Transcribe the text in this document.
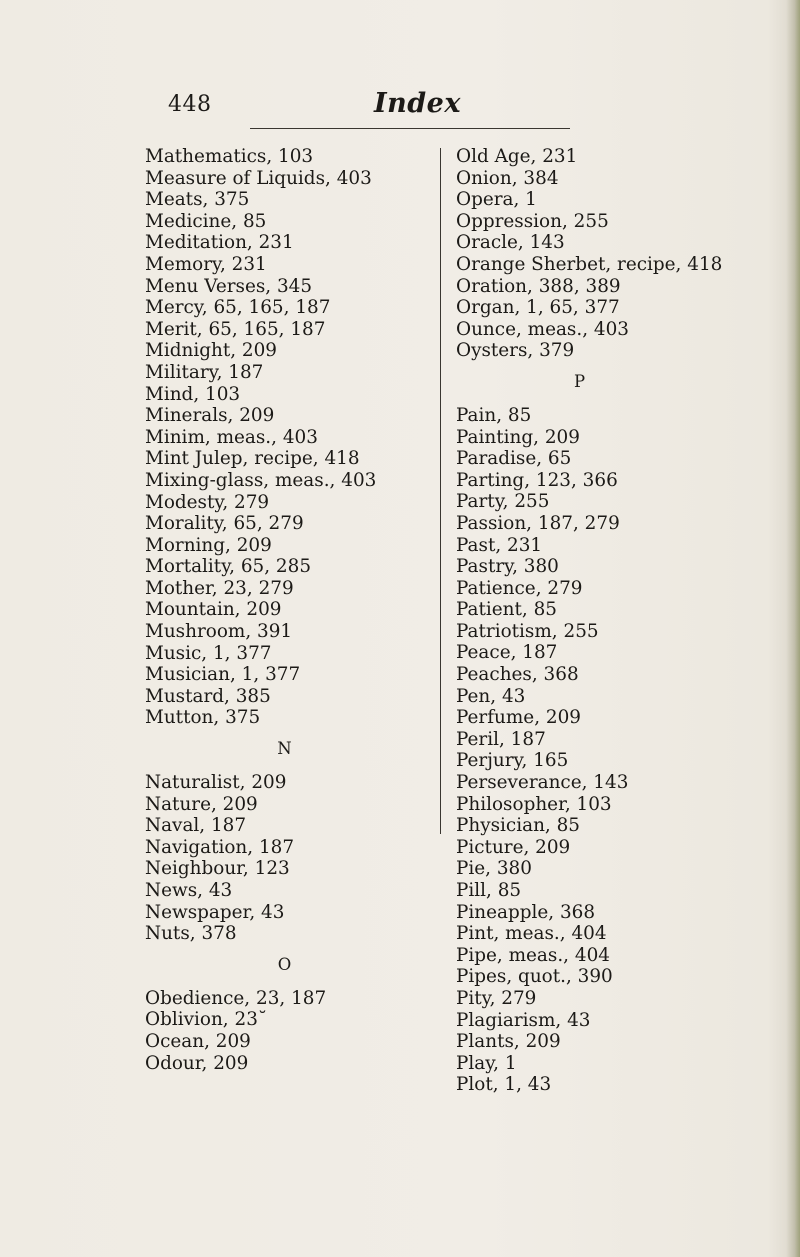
448	Index
Mathematics, 103
Measure of Liquids, 403
Meats, 375
Medicine, 85
Meditation, 231
Memory, 231
Menu Verses, 345
Mercy, 65, 165, 187
Merit, 65, 165, 187
Midnight, 209
Military, 187
Mind, 103
Minerals, 209
Minim, meas., 403
Mint Julep, recipe, 418
Mixing-glass, meas., 403
Modesty, 279
Morality, 65, 279
Morning, 209
Mortality, 65, 285
Mother, 23, 279
Mountain, 209
Mushroom, 391
Music, 1, 377
Musician, 1, 377
Mustard, 385
Mutton, 375
N
Naturalist, 209
Nature, 209
Naval, 187
Navigation, 187
Neighbour, 123
News, 43
Newspaper, 43
Nuts, 378
O
Obedience, 23, 187
Oblivion, 23˘
Ocean, 209
Odour, 209
Old Age, 231
Onion, 384
Opera, 1
Oppression, 255
Oracle, 143
Orange Sherbet, recipe, 418
Oration, 388, 389
Organ, 1, 65, 377
Ounce, meas., 403
Oysters, 379
P
Pain, 85
Painting, 209
Paradise, 65
Parting, 123, 366
Party, 255
Passion, 187, 279
Past, 231
Pastry, 380
Patience, 279
Patient, 85
Patriotism, 255
Peace, 187
Peaches, 368
Pen, 43
Perfume, 209
Peril, 187
Perjury, 165
Perseverance, 143
Philosopher, 103
Physician, 85
Picture, 209
Pie, 380
Pill, 85
Pineapple, 368
Pint, meas., 404
Pipe, meas., 404
Pipes, quot., 390
Pity, 279
Plagiarism, 43
Plants, 209
Play, 1
Plot, 1, 43
